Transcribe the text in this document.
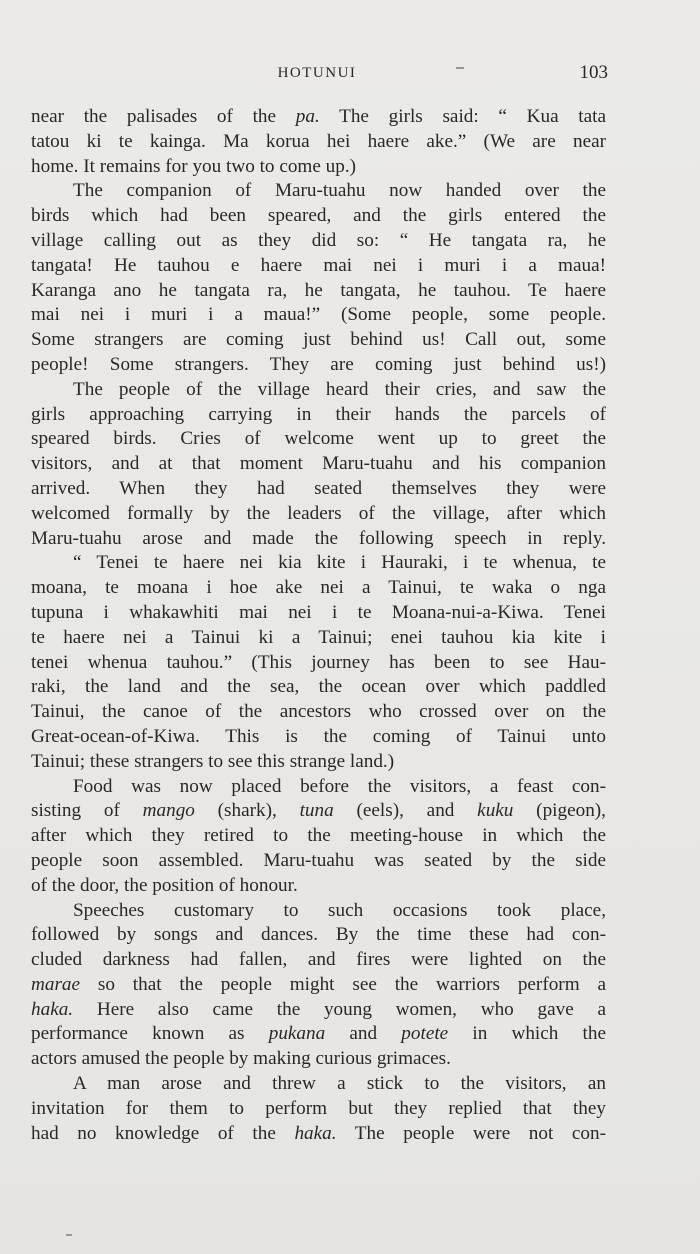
HOTUNUI	103
near the palisades of the pa. The girls said: “ Kua tata
tatou ki te kainga. Ma korua hei haere ake.” (We are near
home. It remains for you two to come up.)
The companion of Maru-tuahu now handed over the
birds which had been speared, and the girls entered the
village calling out as they did so: “ He tangata ra, he
tangata! He tauhou e haere mai nei i muri i a maua!
Karanga ano he tangata ra, he tangata, he tauhou. Te haere
mai nei i muri i a maua!” (Some people, some people.
Some strangers are coming just behind us! Call out, some
people! Some strangers. They are coming just behind us!)
The people of the village heard their cries, and saw the
girls approaching carrying in their hands the parcels of
speared birds. Cries of welcome went up to greet the
visitors, and at that moment Maru-tuahu and his companion
arrived. When they had seated themselves they were
welcomed formally by the leaders of the village, after which
Maru-tuahu arose and made the following speech in reply.
“ Tenei te haere nei kia kite i Hauraki, i te whenua, te
moana, te moana i hoe ake nei a Tainui, te waka o nga
tupuna i whakawhiti mai nei i te Moana-nui-a-Kiwa. Tenei
te haere nei a Tainui ki a Tainui; enei tauhou kia kite i
tenei whenua tauhou.” (This journey has been to see Hau-
raki, the land and the sea, the ocean over which paddled
Tainui, the canoe of the ancestors who crossed over on the
Great-ocean-of-Kiwa. This is the coming of Tainui unto
Tainui; these strangers to see this strange land.)
Food was now placed before the visitors, a feast con-
sisting of mango (shark), tuna (eels), and kuku (pigeon),
after which they retired to the meeting-house in which the
people soon assembled. Maru-tuahu was seated by the side
of the door, the position of honour.
Speeches customary to such occasions took place,
followed by songs and dances. By the time these had con-
cluded darkness had fallen, and fires were lighted on the
marae so that the people might see the warriors perform a
haka. Here also came the young women, who gave a
performance known as pukana and potete in which the
actors amused the people by making curious grimaces.
A man arose and threw a stick to the visitors, an
invitation for them to perform but they replied that they
had no knowledge of the haka. The people were not con-
